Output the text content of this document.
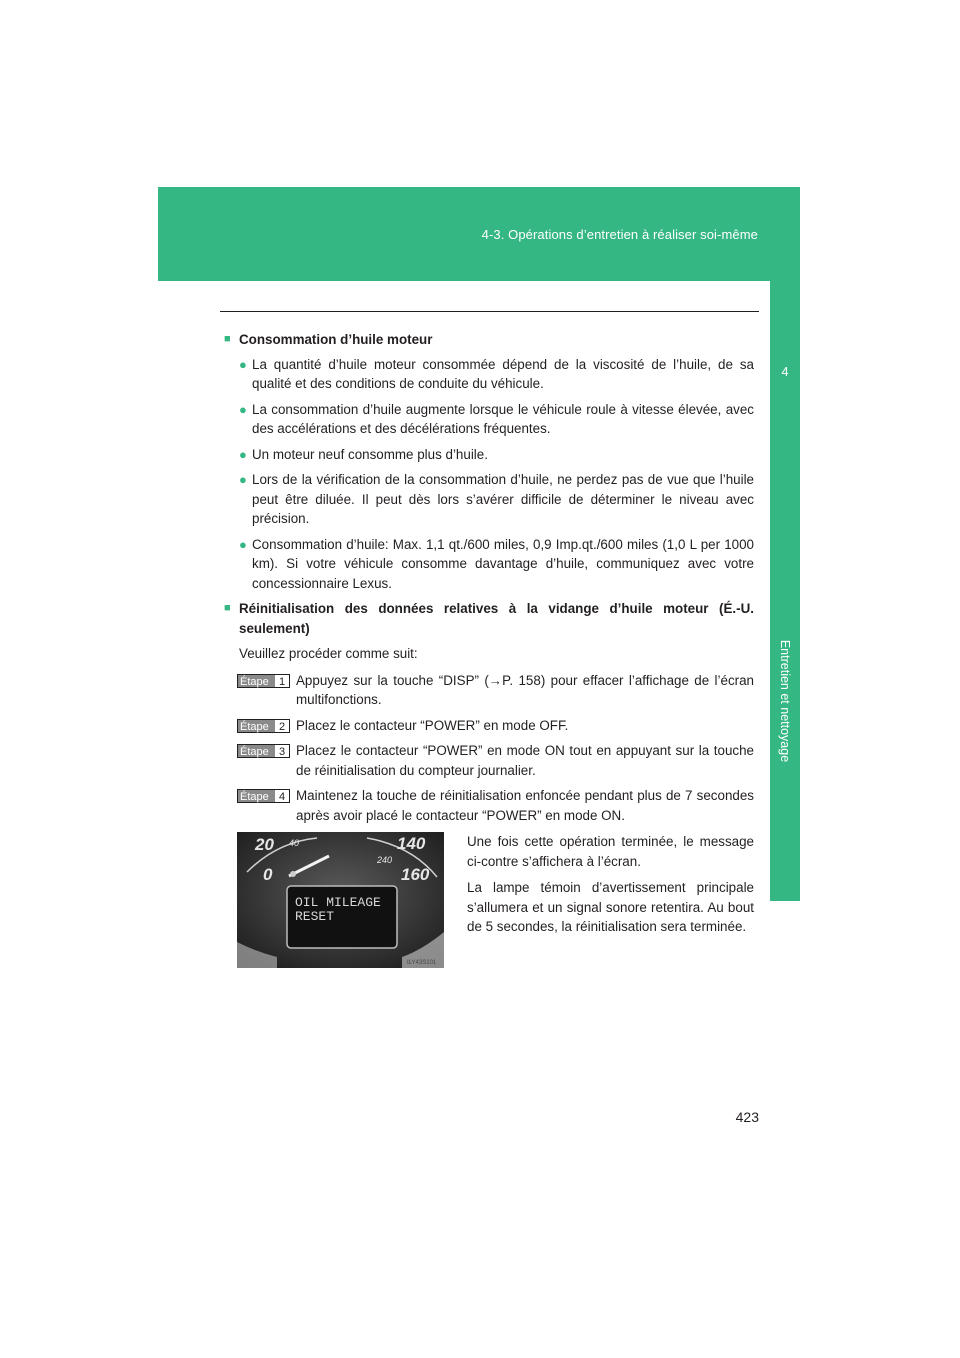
4-3. Opérations d’entretien à réaliser soi-même
4
Entretien et nettoyage
■ Consommation d’huile moteur
● La quantité d’huile moteur consommée dépend de la viscosité de l’huile, de sa qualité et des conditions de conduite du véhicule.
● La consommation d’huile augmente lorsque le véhicule roule à vitesse élevée, avec des accélérations et des décélérations fréquentes.
● Un moteur neuf consomme plus d’huile.
● Lors de la vérification de la consommation d’huile, ne perdez pas de vue que l’huile peut être diluée. Il peut dès lors s’avérer difficile de déterminer le niveau avec précision.
● Consommation d’huile: Max. 1,1 qt./600 miles, 0,9 Imp.qt./600 miles (1,0 L per 1000 km). Si votre véhicule consomme davantage d’huile, communiquez avec votre concessionnaire Lexus.
■ Réinitialisation des données relatives à la vidange d’huile moteur (É.-U. seulement)
Veuillez procéder comme suit:
Étape 1 Appuyez sur la touche “DISP” (→P. 158) pour effacer l’affichage de l’écran multifonctions.
Étape 2 Placez le contacteur “POWER” en mode OFF.
Étape 3 Placez le contacteur “POWER” en mode ON tout en appuyant sur la touche de réinitialisation du compteur journalier.
Étape 4 Maintenez la touche de réinitialisation enfoncée pendant plus de 7 secondes après avoir placé le contacteur “POWER” en mode ON.
20 40
0
140
240
160
OIL MILEAGE
RESET
ILY43S101

Une fois cette opération terminée, le message ci-contre s’affichera à l’écran.

La lampe témoin d’avertissement principale s’allumera et un signal sonore retentira. Au bout de 5 secondes, la réinitialisation sera terminée.

423
